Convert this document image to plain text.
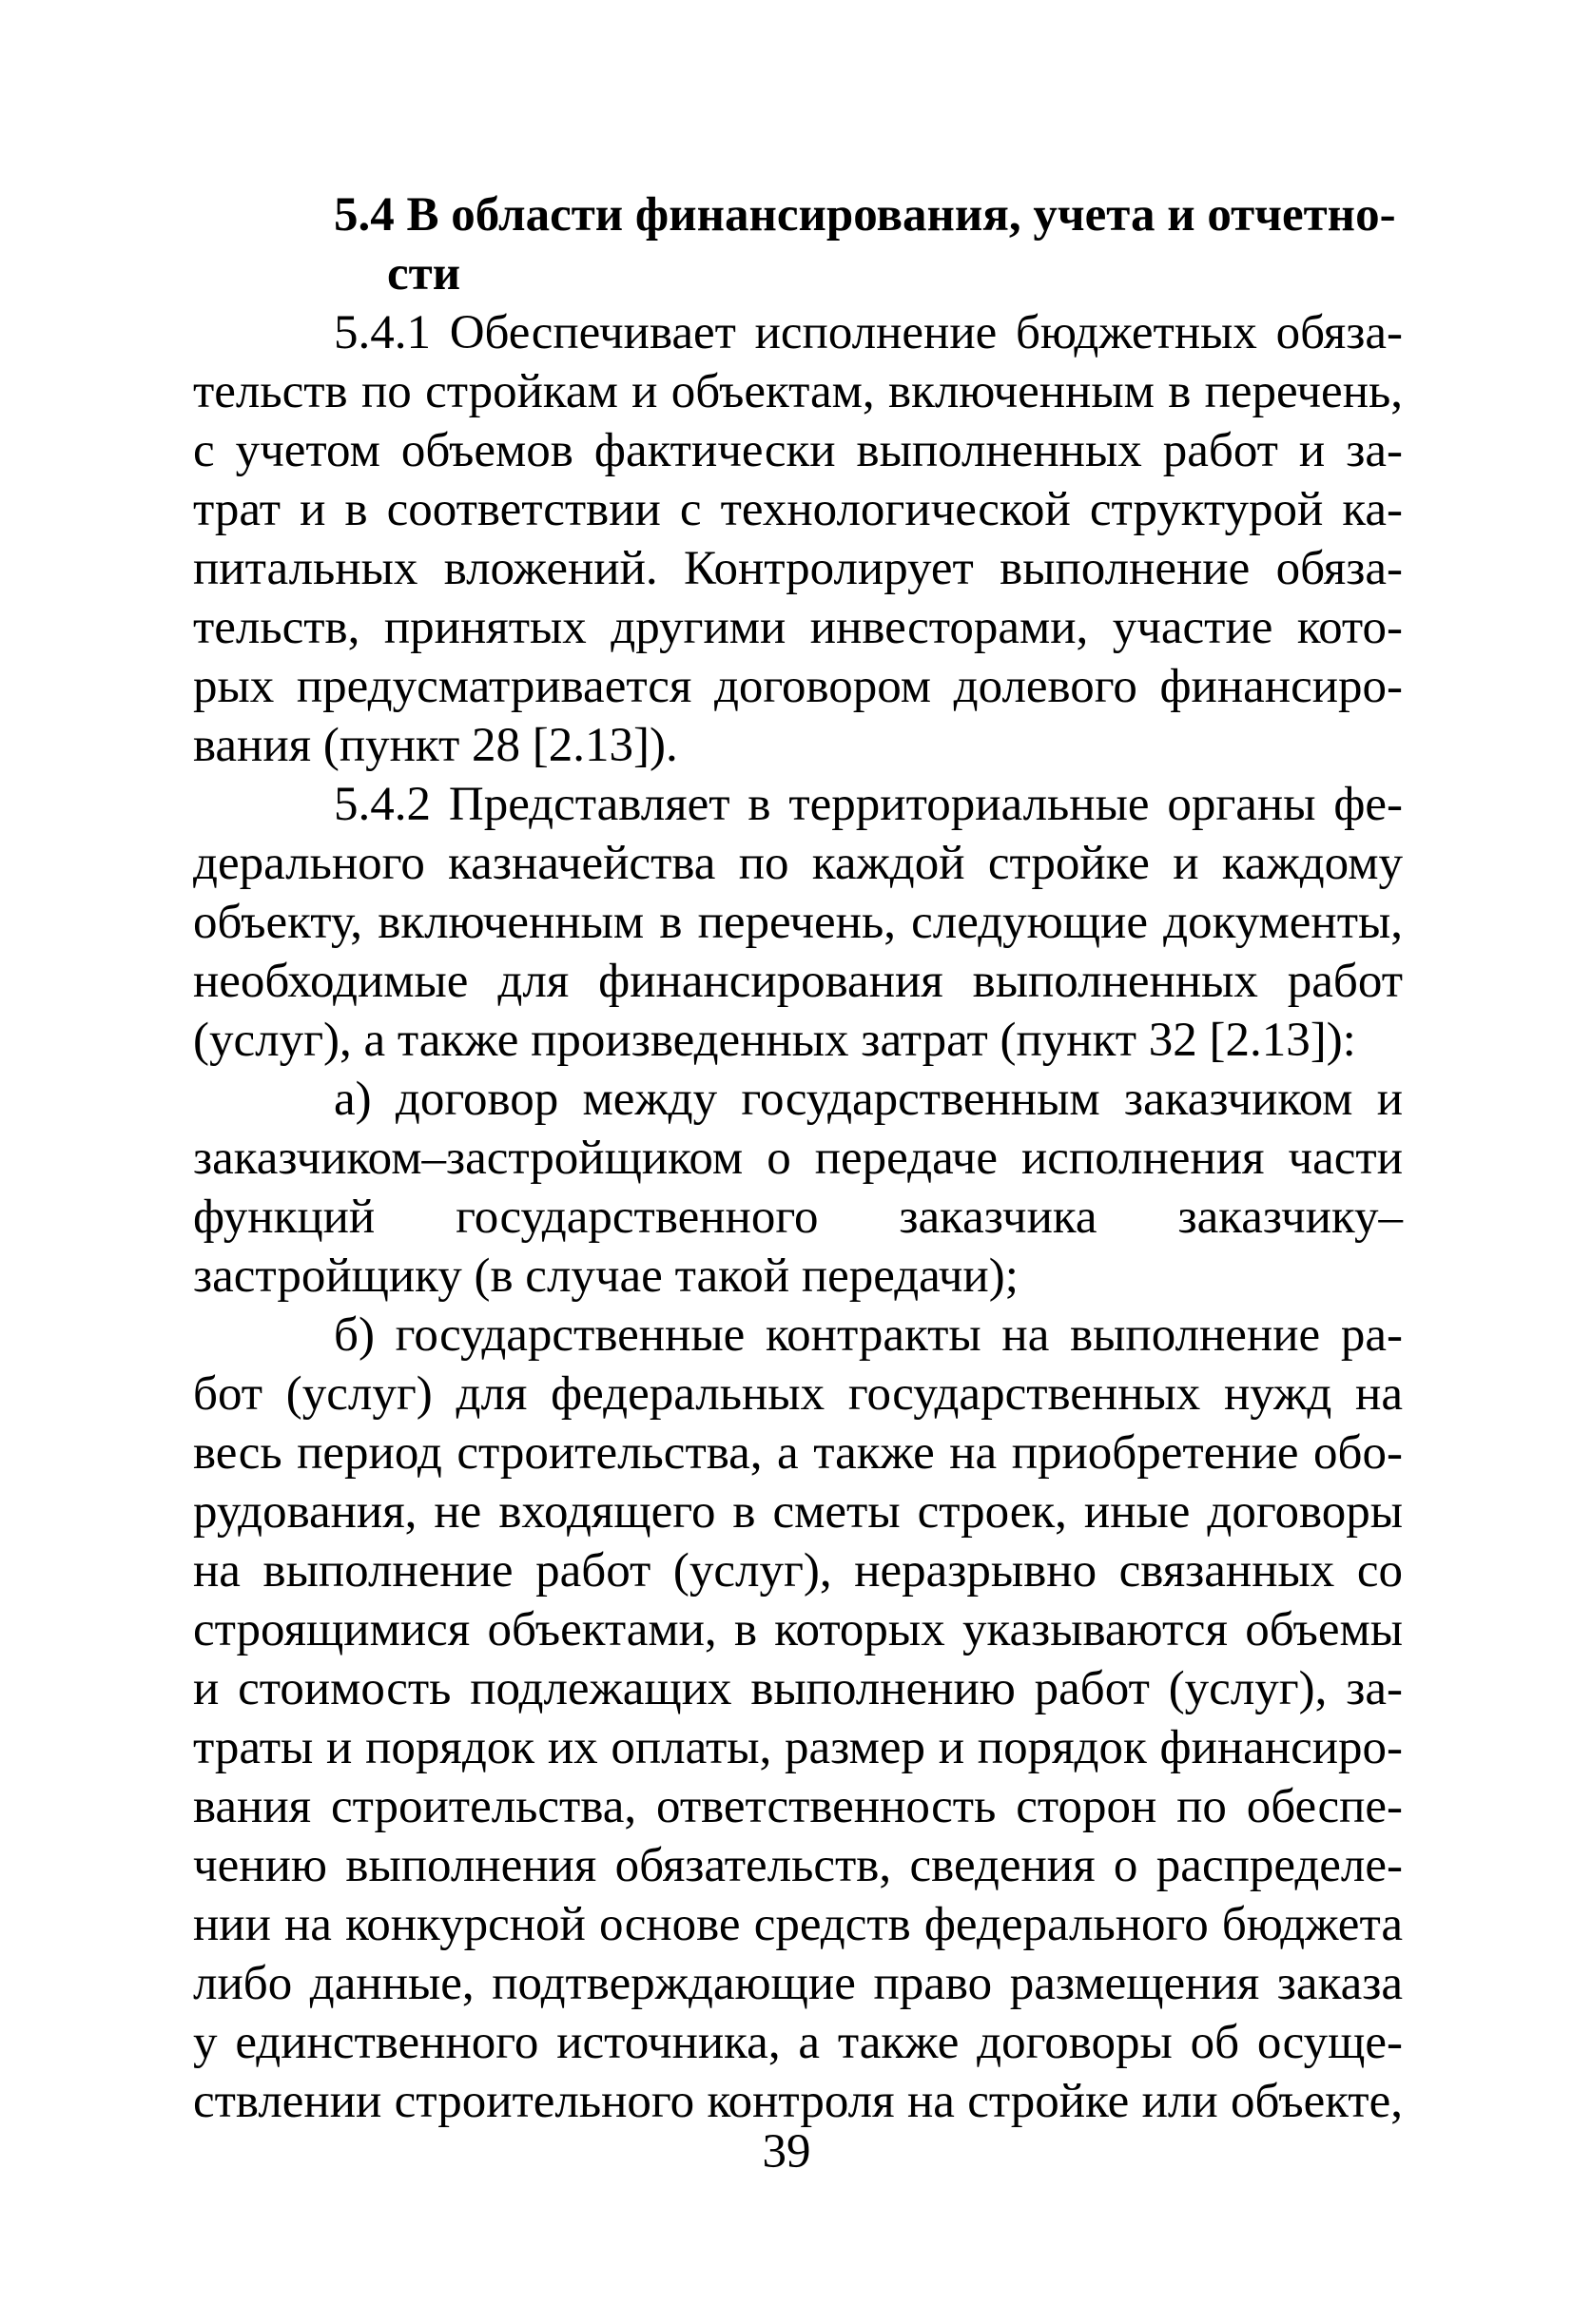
5.4 В области финансирования, учета и отчетно-
сти
5.4.1 Обеспечивает исполнение бюджетных обяза-
тельств по стройкам и объектам, включенным в перечень,
с учетом объемов фактически выполненных работ и за-
трат и в соответствии с технологической структурой ка-
питальных вложений. Контролирует выполнение обяза-
тельств, принятых другими инвесторами, участие кото-
рых предусматривается договором долевого финансиро-
вания (пункт 28 [2.13]).
5.4.2 Представляет в территориальные органы фе-
дерального казначейства по каждой стройке и каждому
объекту, включенным в перечень, следующие документы,
необходимые для финансирования выполненных работ
(услуг), а также произведенных затрат (пункт 32 [2.13]):
а) договор между государственным заказчиком и
заказчиком–застройщиком о передаче исполнения части
функций государственного заказчика заказчику–
застройщику (в случае такой передачи);
б) государственные контракты на выполнение ра-
бот (услуг) для федеральных государственных нужд на
весь период строительства, а также на приобретение обо-
рудования, не входящего в сметы строек, иные договоры
на выполнение работ (услуг), неразрывно связанных со
строящимися объектами, в которых указываются объемы
и стоимость подлежащих выполнению работ (услуг), за-
траты и порядок их оплаты, размер и порядок финансиро-
вания строительства, ответственность сторон по обеспе-
чению выполнения обязательств, сведения о распределе-
нии на конкурсной основе средств федерального бюджета
либо данные, подтверждающие право размещения заказа
у единственного источника, а также договоры об осуще-
ствлении строительного контроля на стройке или объекте,
39
